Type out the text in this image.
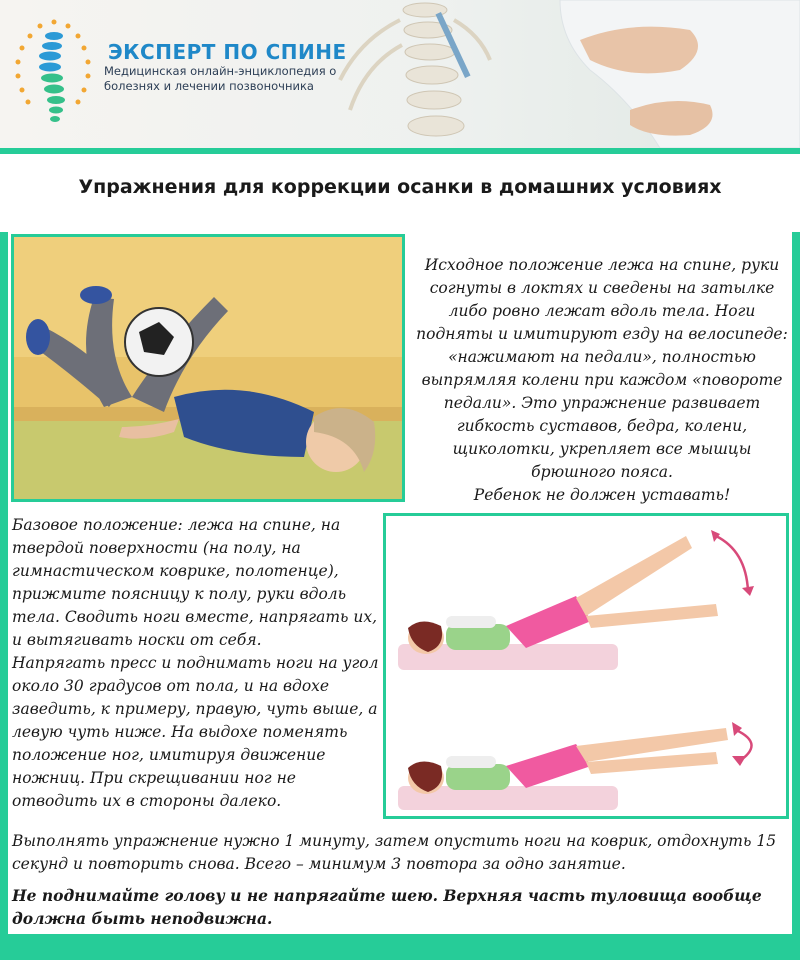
ЭКСПЕРТ ПО СПИНЕ
Медицинская онлайн-энциклопедия о болезнях и лечении позвоночника
Упражнения для коррекции осанки в домашних условиях
Исходное положение лежа на спине, руки согнуты в локтях и сведены на затылке либо ровно лежат вдоль тела. Ноги подняты и имитируют езду на велосипеде: «нажимают на педали», полностью выпрямляя колени при каждом «повороте педали». Это упражнение развивает гибкость суставов, бедра, колени, щиколотки, укрепляет все мышцы брюшного пояса.
Ребенок не должен уставать!
Базовое положение: лежа на спине, на твердой поверхности (на полу, на гимнастическом коврике, полотенце), прижмите поясницу к полу, руки вдоль тела. Сводить ноги вместе, напрягать их, и вытягивать носки от себя.
Напрягать пресс и поднимать ноги на угол около 30 градусов от пола, и на вдохе заведить, к примеру, правую, чуть выше, а левую чуть ниже. На выдохе поменять положение ног, имитируя движение ножниц. При скрещивании ног не отводить их в стороны далеко.
Выполнять упражнение нужно 1 минуту, затем опустить ноги на коврик, отдохнуть 15 секунд и повторить снова. Всего – минимум 3 повтора за одно занятие.
Не поднимайте голову и не напрягайте шею. Верхняя часть туловища вообще должна быть неподвижна.
